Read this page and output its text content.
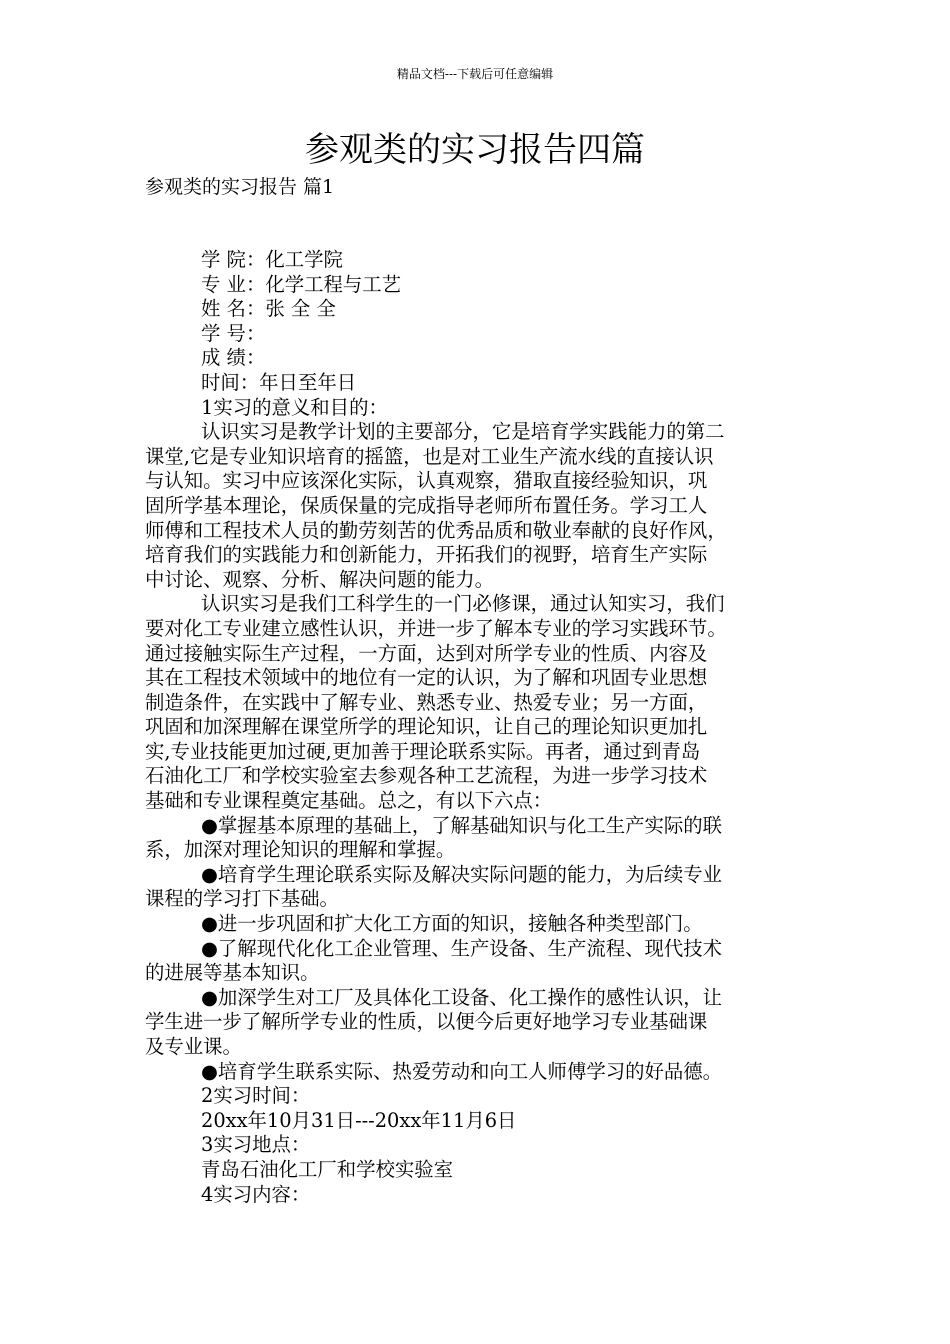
精品文档---下载后可任意编辑
参观类的实习报告四篇

参观类的实习报告 篇1

学 院：化工学院
专 业：化学工程与工艺
姓 名：张 全 全
学 号：
成 绩：
时间：年日至年日
1实习的意义和目的：
认识实习是教学计划的主要部分，它是培育学实践能力的第二
课堂,它是专业知识培育的摇篮，也是对工业生产流水线的直接认识
与认知。实习中应该深化实际，认真观察，猎取直接经验知识，巩
固所学基本理论，保质保量的完成指导老师所布置任务。学习工人
师傅和工程技术人员的勤劳刻苦的优秀品质和敬业奉献的良好作风，
培育我们的实践能力和创新能力，开拓我们的视野，培育生产实际
中讨论、观察、分析、解决问题的能力。
认识实习是我们工科学生的一门必修课，通过认知实习，我们
要对化工专业建立感性认识，并进一步了解本专业的学习实践环节。
通过接触实际生产过程，一方面，达到对所学专业的性质、内容及
其在工程技术领域中的地位有一定的认识，为了解和巩固专业思想
制造条件，在实践中了解专业、熟悉专业、热爱专业；另一方面，
巩固和加深理解在课堂所学的理论知识，让自己的理论知识更加扎
实,专业技能更加过硬,更加善于理论联系实际。再者，通过到青岛
石油化工厂和学校实验室去参观各种工艺流程，为进一步学习技术
基础和专业课程奠定基础。总之，有以下六点：
●掌握基本原理的基础上，了解基础知识与化工生产实际的联
系，加深对理论知识的理解和掌握。
●培育学生理论联系实际及解决实际问题的能力，为后续专业
课程的学习打下基础。
●进一步巩固和扩大化工方面的知识，接触各种类型部门。
●了解现代化化工企业管理、生产设备、生产流程、现代技术
的进展等基本知识。
●加深学生对工厂及具体化工设备、化工操作的感性认识，让
学生进一步了解所学专业的性质，以便今后更好地学习专业基础课
及专业课。
●培育学生联系实际、热爱劳动和向工人师傅学习的好品德。
2实习时间：
20xx年10月31日---20xx年11月6日
3实习地点：
青岛石油化工厂和学校实验室
4实习内容：
